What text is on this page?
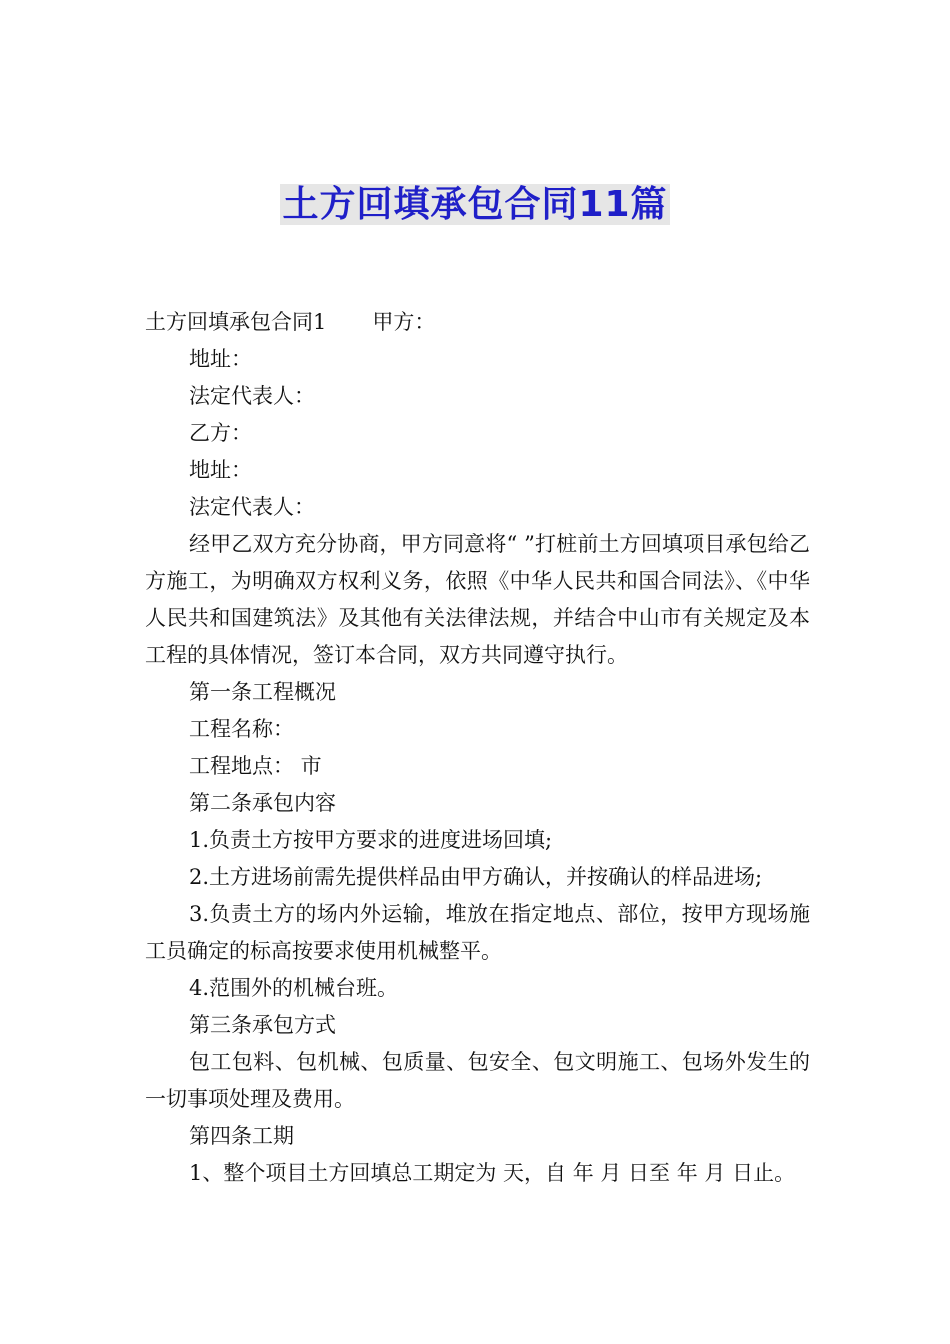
土方回填承包合同11篇

土方回填承包合同1 甲方：

地址：

法定代表人：

乙方：

地址：

法定代表人：

经甲乙双方充分协商，甲方同意将“ ”打桩前土方回填项目承包给乙方施工，为明确双方权利义务，依照《中华人民共和国合同法》、《中华人民共和国建筑法》及其他有关法律法规，并结合中山市有关规定及本工程的具体情况，签订本合同，双方共同遵守执行。

第一条工程概况

工程名称：

工程地点： 市

第二条承包内容

1.负责土方按甲方要求的进度进场回填;

2.土方进场前需先提供样品由甲方确认，并按确认的样品进场;

3.负责土方的场内外运输，堆放在指定地点、部位，按甲方现场施工员确定的标高按要求使用机械整平。

4.范围外的机械台班。

第三条承包方式

包工包料、包机械、包质量、包安全、包文明施工、包场外发生的一切事项处理及费用。

第四条工期

1、整个项目土方回填总工期定为 天，自 年 月 日至 年 月 日止。
